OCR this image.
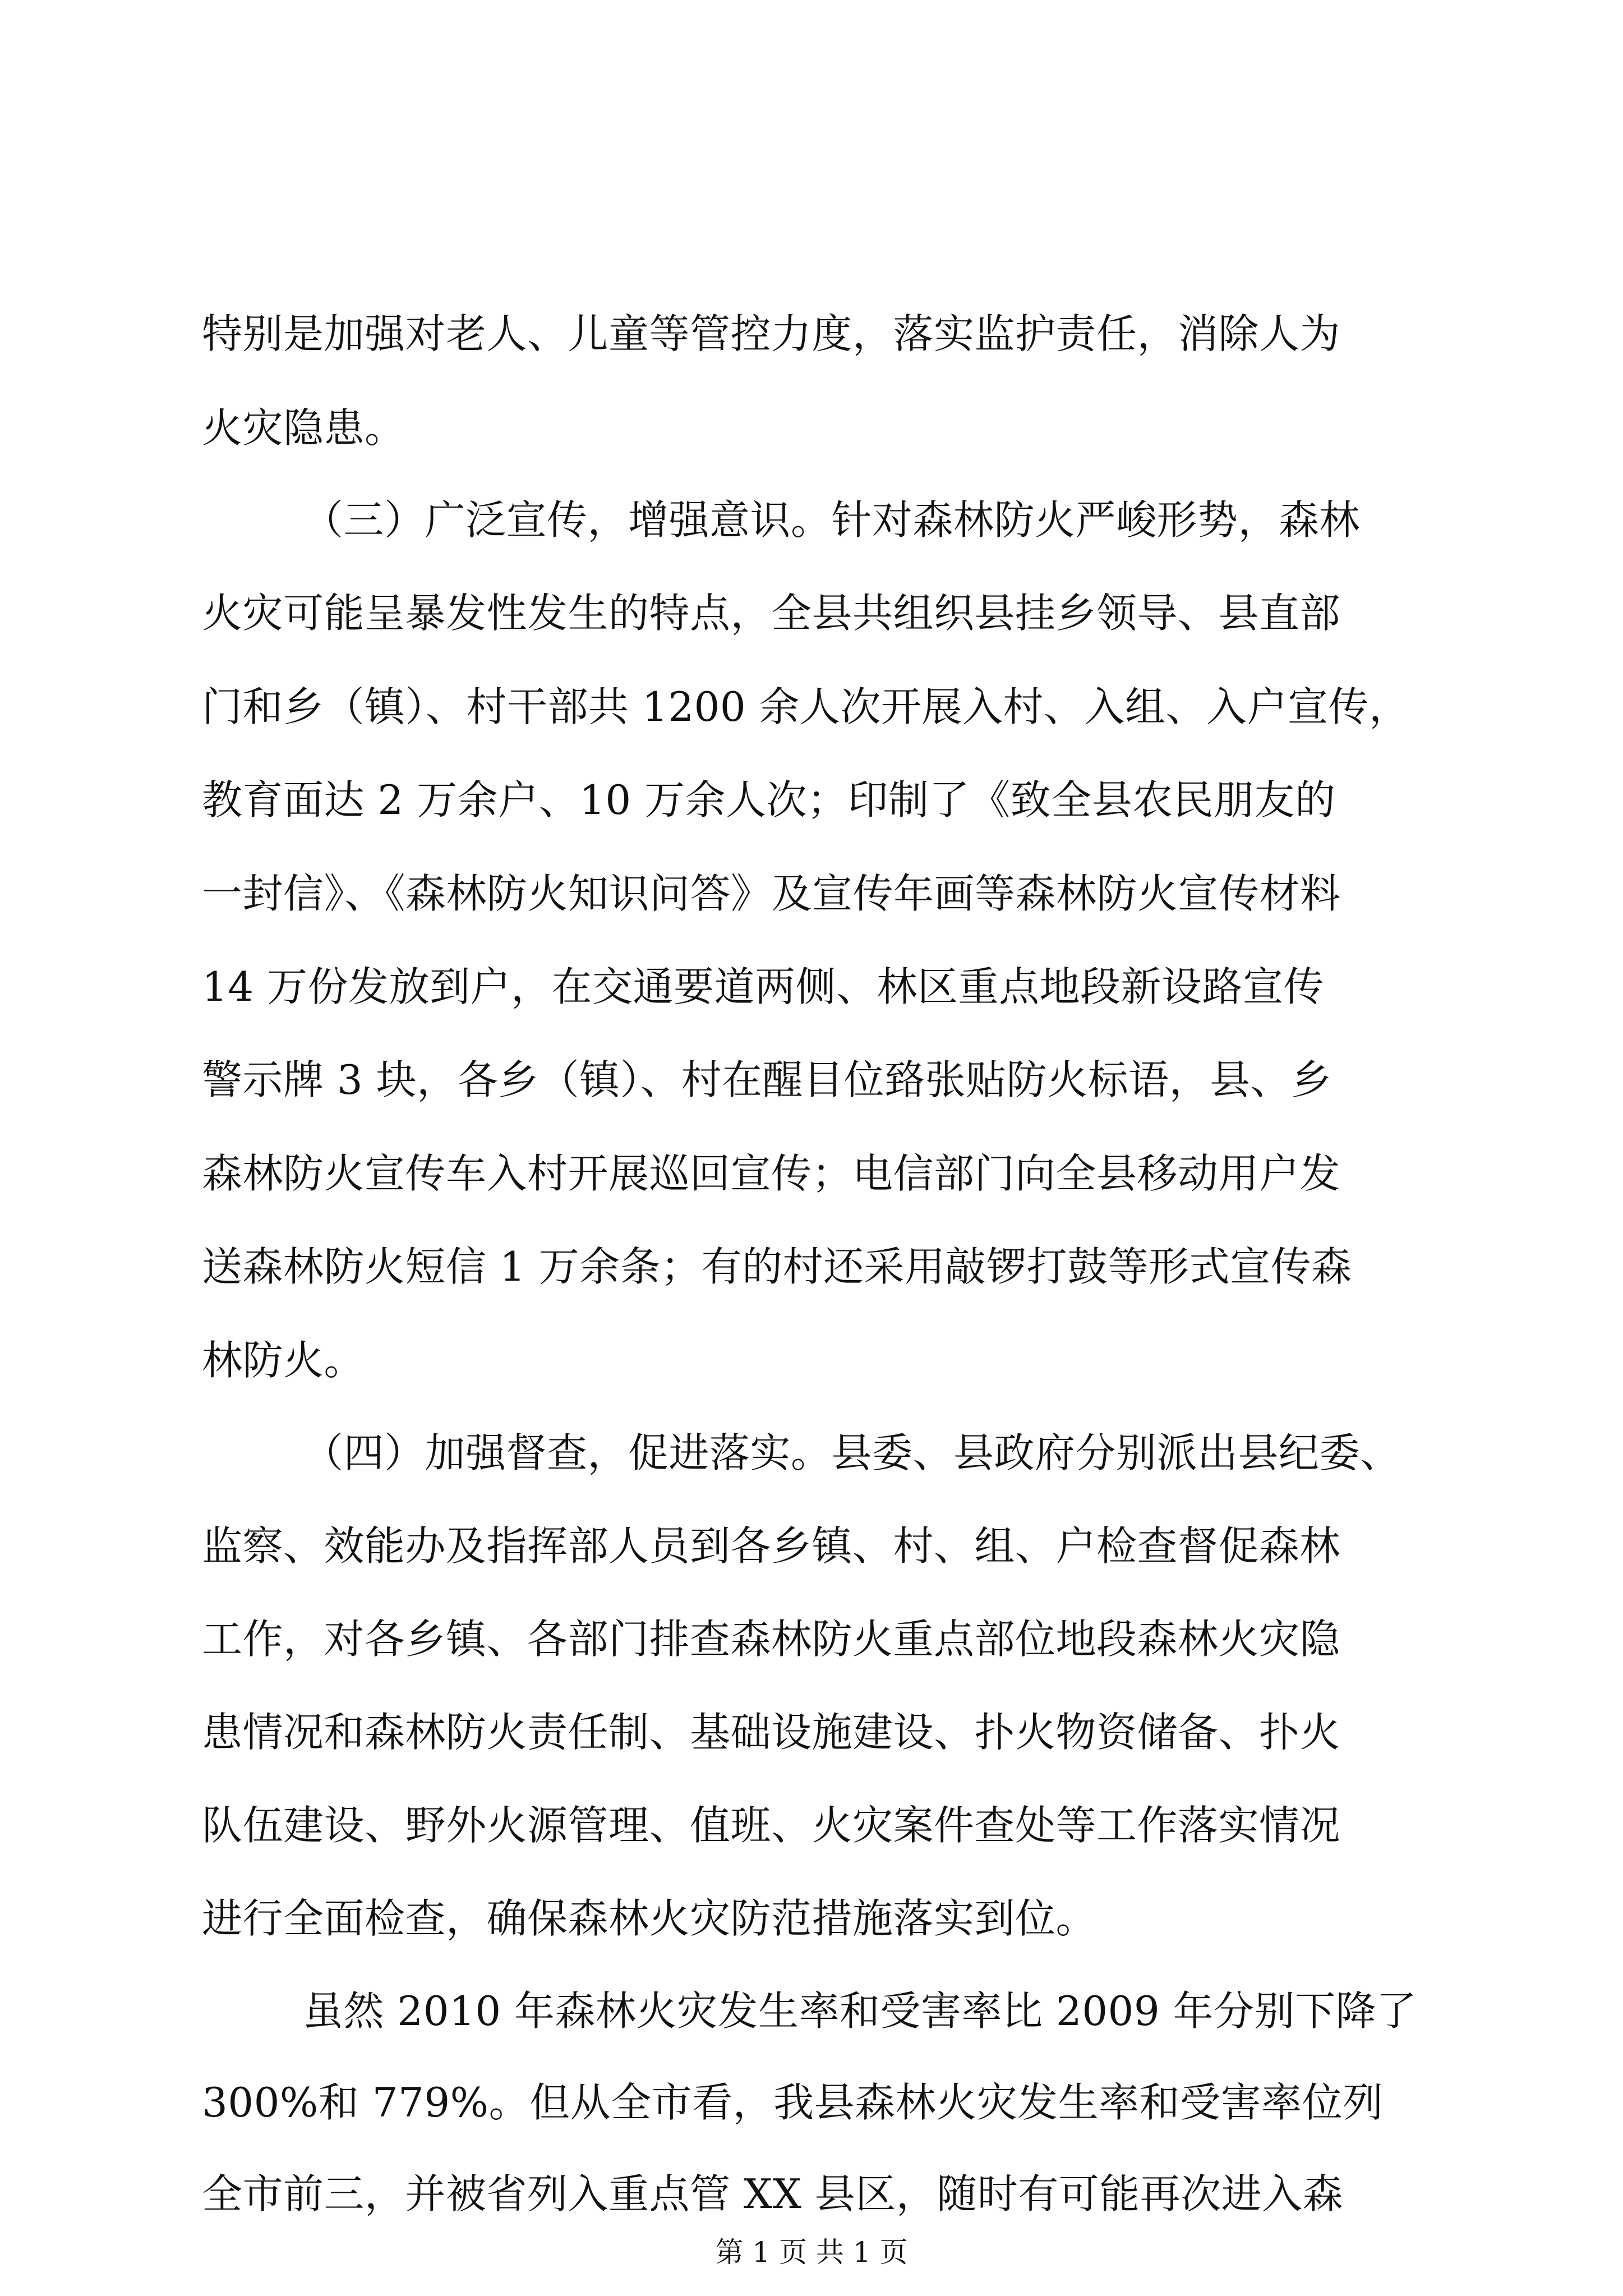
特别是加强对老人、儿童等管控力度，落实监护责任，消除人为
火灾隐患。
（三）广泛宣传，增强意识。针对森林防火严峻形势，森林
火灾可能呈暴发性发生的特点，全县共组织县挂乡领导、县直部
门和乡（镇）、村干部共 1200 余人次开展入村、入组、入户宣传，
教育面达 2 万余户、10 万余人次；印制了《致全县农民朋友的
一封信》、《森林防火知识问答》及宣传年画等森林防火宣传材料
14 万份发放到户，在交通要道两侧、林区重点地段新设路宣传
警示牌 3 块，各乡（镇）、村在醒目位臵张贴防火标语，县、乡
森林防火宣传车入村开展巡回宣传；电信部门向全县移动用户发
送森林防火短信 1 万余条；有的村还采用敲锣打鼓等形式宣传森
林防火。
（四）加强督查，促进落实。县委、县政府分别派出县纪委、
监察、效能办及指挥部人员到各乡镇、村、组、户检查督促森林
工作，对各乡镇、各部门排查森林防火重点部位地段森林火灾隐
患情况和森林防火责任制、基础设施建设、扑火物资储备、扑火
队伍建设、野外火源管理、值班、火灾案件查处等工作落实情况
进行全面检查，确保森林火灾防范措施落实到位。
虽然 2010 年森林火灾发生率和受害率比 2009 年分别下降了
300%和 779%。但从全市看，我县森林火灾发生率和受害率位列
全市前三，并被省列入重点管 XX 县区，随时有可能再次进入森
第 1 页 共 1 页
